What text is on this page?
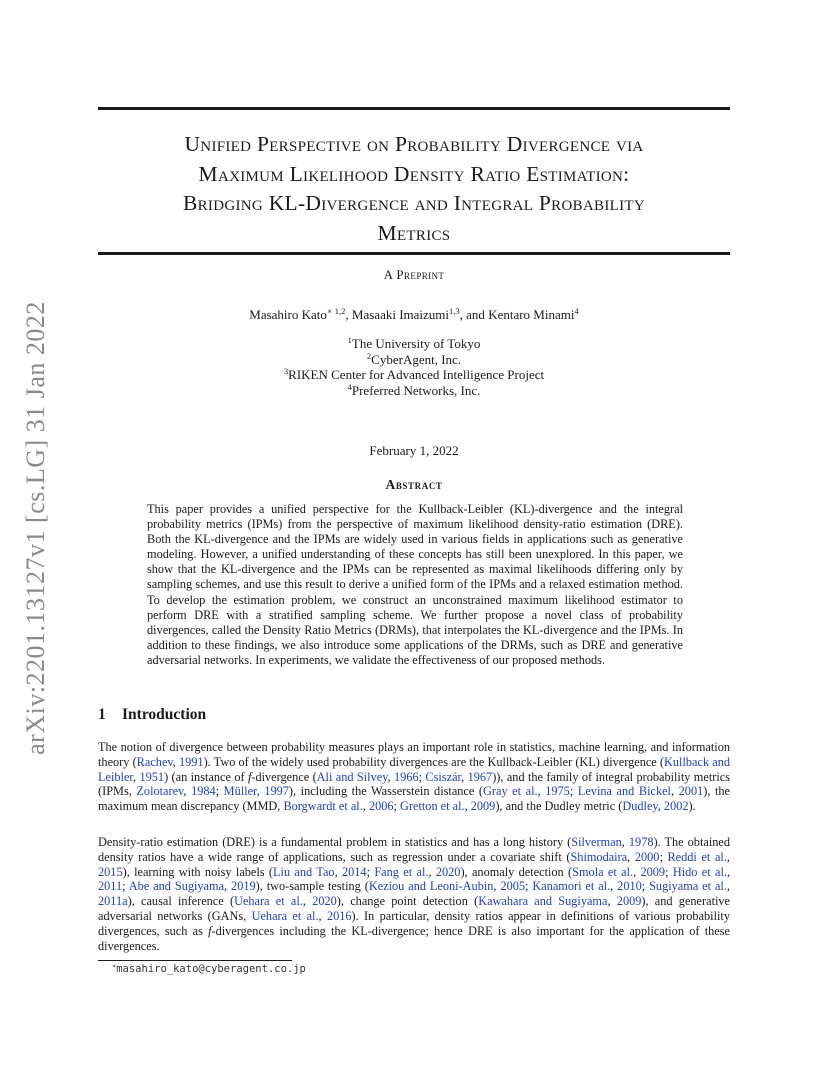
arXiv:2201.13127v1 [cs.LG] 31 Jan 2022
Unified Perspective on Probability Divergence via
Maximum Likelihood Density Ratio Estimation:
Bridging KL-Divergence and Integral Probability
Metrics
A Preprint
Masahiro Kato$^{∗ 1,2}$, Masaaki Imaizumi$^{1,3}$, and Kentaro Minami$^4$
$^1$The University of Tokyo
$^2$CyberAgent, Inc.
$^3$RIKEN Center for Advanced Intelligence Project
$^4$Preferred Networks, Inc.
February 1, 2022
Abstract
This paper provides a unified perspective for the Kullback-Leibler (KL)-divergence and the integral probability metrics (IPMs) from the perspective of maximum likelihood density-ratio estimation (DRE). Both the KL-divergence and the IPMs are widely used in various fields in applications such as generative modeling. However, a unified understanding of these concepts has still been unexplored. In this paper, we show that the KL-divergence and the IPMs can be represented as maximal likelihoods differing only by sampling schemes, and use this result to derive a unified form of the IPMs and a relaxed estimation method. To develop the estimation problem, we construct an unconstrained maximum likelihood estimator to perform DRE with a stratified sampling scheme. We further propose a novel class of probability divergences, called the Density Ratio Metrics (DRMs), that interpolates the KL-divergence and the IPMs. In addition to these findings, we also introduce some applications of the DRMs, such as DRE and generative adversarial networks. In experiments, we validate the effectiveness of our proposed methods.
1 Introduction
The notion of divergence between probability measures plays an important role in statistics, machine learning, and information theory (Rachev, 1991). Two of the widely used probability divergences are the Kullback-Leibler (KL) divergence (Kullback and Leibler, 1951) (an instance of f-divergence (Ali and Silvey, 1966; Csiszár, 1967)), and the family of integral probability metrics (IPMs, Zolotarev, 1984; Müller, 1997), including the Wasserstein distance (Gray et al., 1975; Levina and Bickel, 2001), the maximum mean discrepancy (MMD, Borgwardt et al., 2006; Gretton et al., 2009), and the Dudley metric (Dudley, 2002).
Density-ratio estimation (DRE) is a fundamental problem in statistics and has a long history (Silverman, 1978). The obtained density ratios have a wide range of applications, such as regression under a covariate shift (Shimodaira, 2000; Reddi et al., 2015), learning with noisy labels (Liu and Tao, 2014; Fang et al., 2020), anomaly detection (Smola et al., 2009; Hido et al., 2011; Abe and Sugiyama, 2019), two-sample testing (Keziou and Leoni-Aubin, 2005; Kanamori et al., 2010; Sugiyama et al., 2011a), causal inference (Uehara et al., 2020), change point detection (Kawahara and Sugiyama, 2009), and generative adversarial networks (GANs, Uehara et al., 2016). In particular, density ratios appear in definitions of various probability divergences, such as f-divergences including the KL-divergence; hence DRE is also important for the application of these divergences.
∗masahiro_kato@cyberagent.co.jp
